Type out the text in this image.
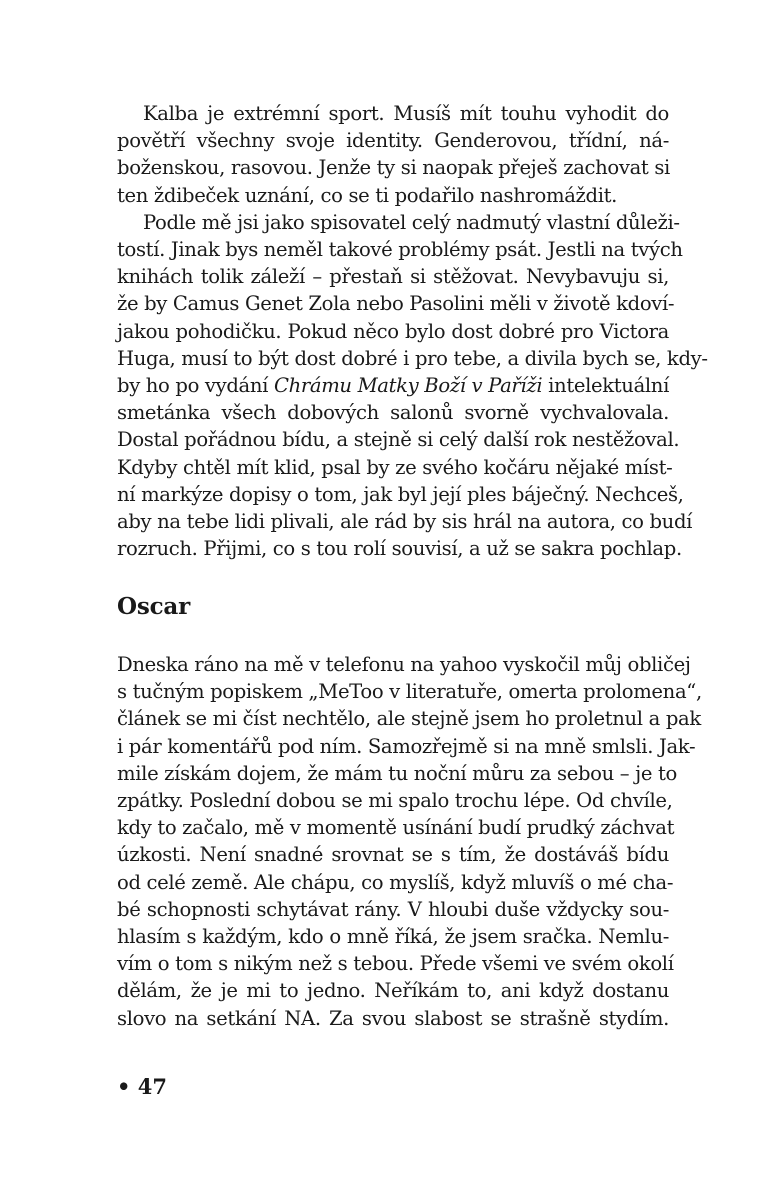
Kalba je extrémní sport. Musíš mít touhu vyhodit do
povětří všechny svoje identity. Genderovou, třídní, ná-
boženskou, rasovou. Jenže ty si naopak přeješ zachovat si
ten ždibeček uznání, co se ti podařilo nashromáždit.

Podle mě jsi jako spisovatel celý nadmutý vlastní důleži-
tostí. Jinak bys neměl takové problémy psát. Jestli na tvých
knihách tolik záleží – přestaň si stěžovat. Nevybavuju si,
že by Camus Genet Zola nebo Pasolini měli v životě kdoví-
jakou pohodičku. Pokud něco bylo dost dobré pro Victora
Huga, musí to být dost dobré i pro tebe, a divila bych se, kdy-
by ho po vydání Chrámu Matky Boží v Paříži intelektuální
smetánka všech dobových salonů svorně vychvalovala.
Dostal pořádnou bídu, a stejně si celý další rok nestěžoval.
Kdyby chtěl mít klid, psal by ze svého kočáru nějaké míst-
ní markýze dopisy o tom, jak byl její ples báječný. Nechceš,
aby na tebe lidi plivali, ale rád by sis hrál na autora, co budí
rozruch. Přijmi, co s tou rolí souvisí, a už se sakra pochlap.

Oscar

Dneska ráno na mě v telefonu na yahoo vyskočil můj obličej
s tučným popiskem „MeToo v literatuře, omerta prolomena“,
článek se mi číst nechtělo, ale stejně jsem ho proletnul a pak
i pár komentářů pod ním. Samozřejmě si na mně smlsli. Jak-
mile získám dojem, že mám tu noční můru za sebou – je to
zpátky. Poslední dobou se mi spalo trochu lépe. Od chvíle,
kdy to začalo, mě v momentě usínání budí prudký záchvat
úzkosti. Není snadné srovnat se s tím, že dostáváš bídu
od celé země. Ale chápu, co myslíš, když mluvíš o mé cha-
bé schopnosti schytávat rány. V hloubi duše vždycky sou-
hlasím s každým, kdo o mně říká, že jsem sračka. Nemlu-
vím o tom s nikým než s tebou. Přede všemi ve svém okolí
dělám, že je mi to jedno. Neříkám to, ani když dostanu
slovo na setkání NA. Za svou slabost se strašně stydím.

• 47
